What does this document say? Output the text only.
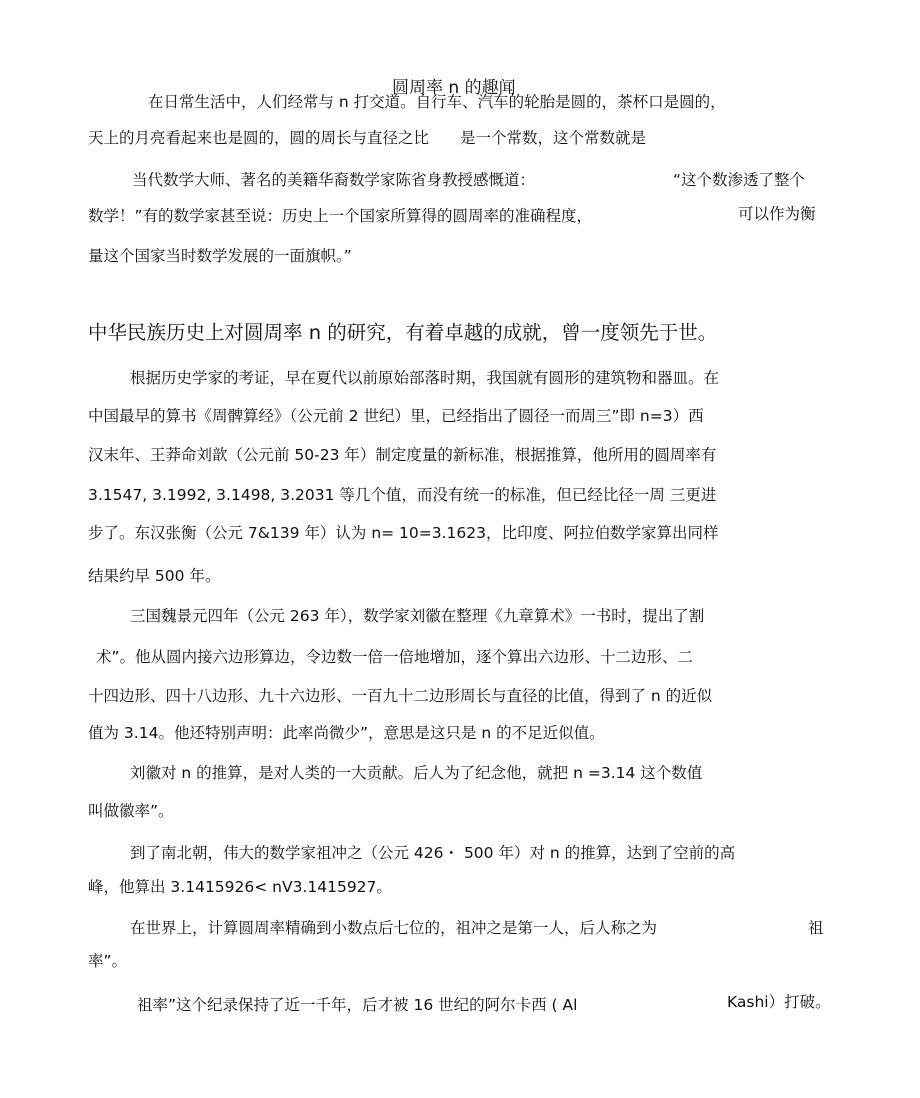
圆周率 n 的趣闻
在日常生活中，人们经常与 n 打交道。自行车、汽车的轮胎是圆的，茶杯口是圆的，
天上的月亮看起来也是圆的，圆的周长与直径之比　　是一个常数，这个常数就是
当代数学大师、著名的美籍华裔数学家陈省身教授感慨道：	“这个数渗透了整个
数学！”有的数学家甚至说：历史上一个国家所算得的圆周率的准确程度，	可以作为衡
量这个国家当时数学发展的一面旗帜。”
中华民族历史上对圆周率 n 的研究，有着卓越的成就，曾一度领先于世。
根据历史学家的考证，早在夏代以前原始部落时期，我国就有圆形的建筑物和器皿。在
中国最早的算书《周髀算经》（公元前 2 世纪）里，已经指出了圆径一而周三”即 n=3）西
汉末年、王莽命刘歆（公元前 50-23 年）制定度量的新标准，根据推算，他所用的圆周率有
3.1547, 3.1992, 3.1498, 3.2031 等几个值，而没有统一的标准，但已经比径一周 三更进
步了。东汉张衡（公元 7&139 年）认为 n= 10=3.1623，比印度、阿拉伯数学家算出同样
结果约早 500 年。
三国魏景元四年（公元 263 年），数学家刘徽在整理《九章算术》一书时，提出了割
术”。他从圆内接六边形算边，令边数一倍一倍地增加，逐个算出六边形、十二边形、二
十四边形、四十八边形、九十六边形、一百九十二边形周长与直径的比值，得到了 n 的近似
值为 3.14。他还特别声明：此率尚微少”，意思是这只是 n 的不足近似值。
刘徽对 n 的推算，是对人类的一大贡献。后人为了纪念他，就把 n =3.14 这个数值
叫做徽率”。
到了南北朝，伟大的数学家祖冲之（公元 426・ 500 年）对 n 的推算，达到了空前的高
峰，他算出 3.1415926< nV3.1415927。
在世界上，计算圆周率精确到小数点后七位的，祖冲之是第一人，后人称之为	祖
率”。
祖率”这个纪录保持了近一千年，后才被 16 世纪的阿尔卡西 ( Al	Kashi）打破。
